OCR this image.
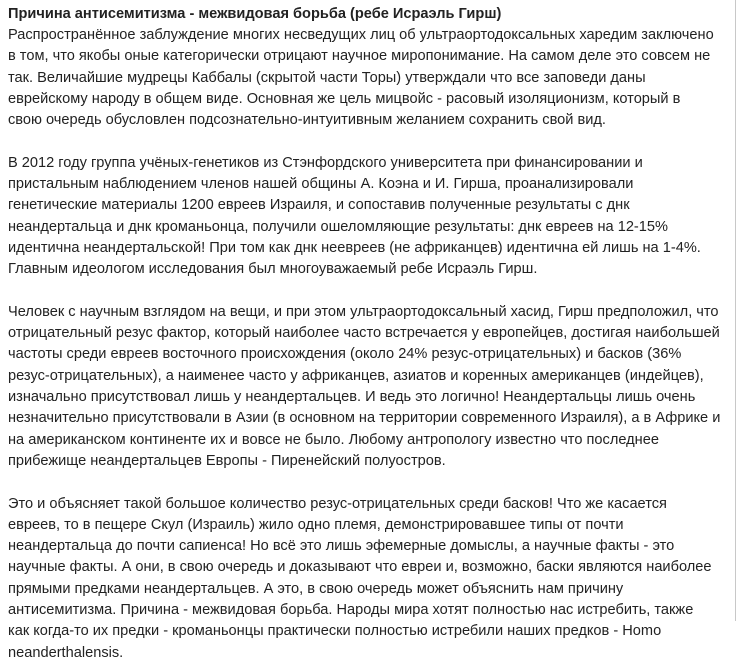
Причина антисемитизма - межвидовая борьба (ребе Исраэль Гирш)

Распространённое заблуждение многих несведущих лиц об ультраортодоксальных харедим заключено
в том, что якобы оные категорически отрицают научное миропонимание. На самом деле это совсем не
так. Величайшие мудрецы Каббалы (скрытой части Торы) утверждали что все заповеди даны
еврейскому народу в общем виде. Основная же цель мицвойс - расовый изоляционизм, который в
свою очередь обусловлен подсознательно-интуитивным желанием сохранить свой вид.

В 2012 году группа учёных-генетиков из Стэнфордского университета при финансировании и
пристальным наблюдением членов нашей общины А. Коэна и И. Гирша, проанализировали
генетические материалы 1200 евреев Израиля, и сопоставив полученные результаты с днк
неандертальца и днк кроманьонца, получили ошеломляющие результаты: днк евреев на 12-15%
идентична неандертальской! При том как днк неевреев (не африканцев) идентична ей лишь на 1-4%.
Главным идеологом исследования был многоуважаемый ребе Исраэль Гирш.

Человек с научным взглядом на вещи, и при этом ультраортодоксальный хасид, Гирш предположил, что
отрицательный резус фактор, который наиболее часто встречается у европейцев, достигая наибольшей
частоты среди евреев восточного происхождения (около 24% резус-отрицательных) и басков (36%
резус-отрицательных), а наименее часто у африканцев, азиатов и коренных американцев (индейцев),
изначально присутствовал лишь у неандертальцев. И ведь это логично! Неандертальцы лишь очень
незначительно присутствовали в Азии (в основном на территории современного Израиля), а в Африке и
на американском континенте их и вовсе не было. Любому антропологу известно что последнее
прибежище неандертальцев Европы - Пиренейский полуостров.

Это и объясняет такой большое количество резус-отрицательных среди басков! Что же касается
евреев, то в пещере Скул (Израиль) жило одно племя, демонстрировавшее типы от почти
неандертальца до почти сапиенса! Но всё это лишь эфемерные домыслы, а научные факты - это
научные факты. А они, в свою очередь и доказывают что евреи и, возможно, баски являются наиболее
прямыми предками неандертальцев. А это, в свою очередь может объяснить нам причину
антисемитизма. Причина - межвидовая борьба. Народы мира хотят полностью нас истребить, также
как когда-то их предки - кроманьонцы практически полностью истребили наших предков - Homo
neanderthalensis.
